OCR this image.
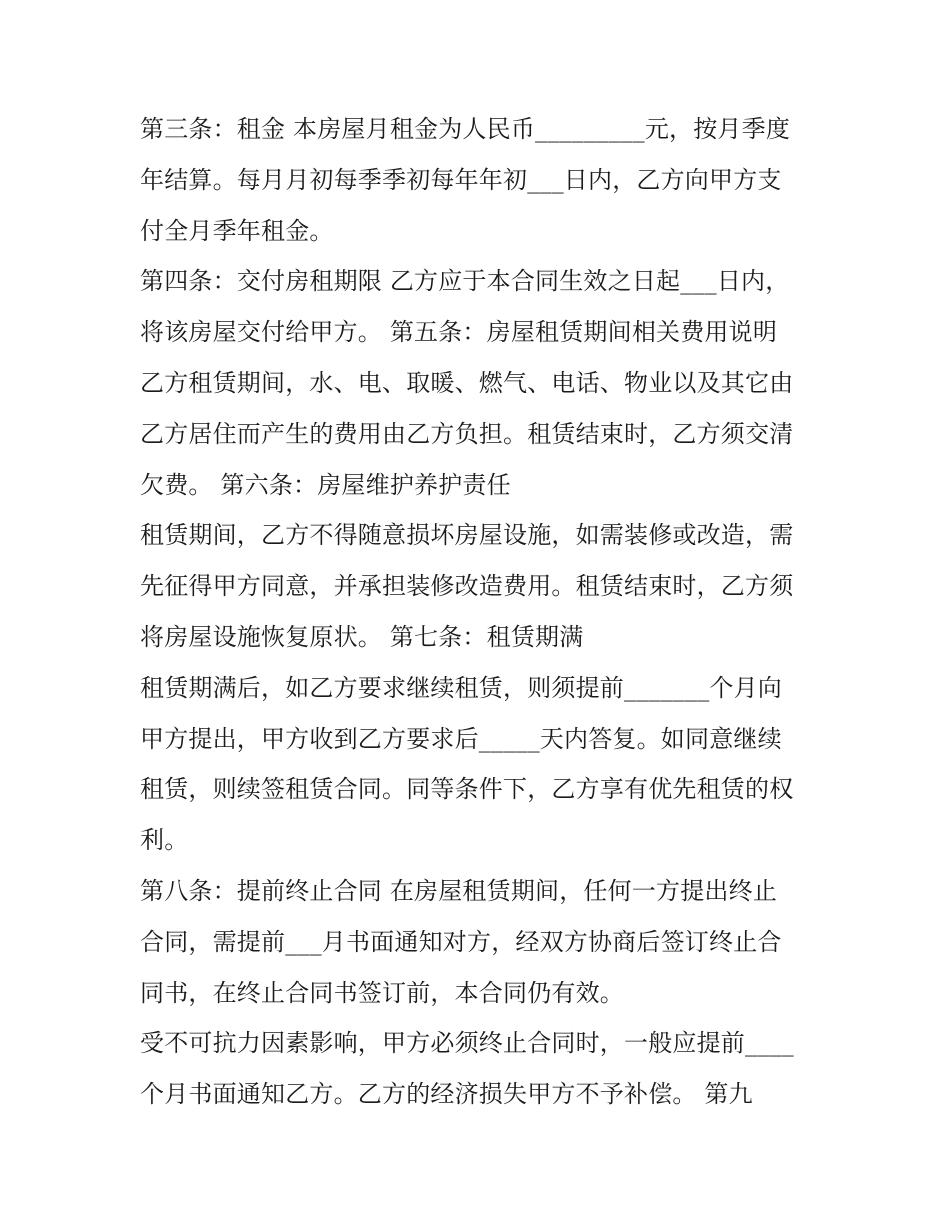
第三条：租金 本房屋月租金为人民币_________元，按月季度
年结算。每月月初每季季初每年年初___日内，乙方向甲方支
付全月季年租金。
第四条：交付房租期限 乙方应于本合同生效之日起___日内，
将该房屋交付给甲方。 第五条：房屋租赁期间相关费用说明
乙方租赁期间，水、电、取暖、燃气、电话、物业以及其它由
乙方居住而产生的费用由乙方负担。租赁结束时，乙方须交清
欠费。 第六条：房屋维护养护责任
租赁期间，乙方不得随意损坏房屋设施，如需装修或改造，需
先征得甲方同意，并承担装修改造费用。租赁结束时，乙方须
将房屋设施恢复原状。 第七条：租赁期满
租赁期满后，如乙方要求继续租赁，则须提前_______个月向
甲方提出，甲方收到乙方要求后_____天内答复。如同意继续
租赁，则续签租赁合同。同等条件下，乙方享有优先租赁的权
利。
第八条：提前终止合同 在房屋租赁期间，任何一方提出终止
合同，需提前___月书面通知对方，经双方协商后签订终止合
同书，在终止合同书签订前，本合同仍有效。
受不可抗力因素影响，甲方必须终止合同时，一般应提前____
个月书面通知乙方。乙方的经济损失甲方不予补偿。 第九
